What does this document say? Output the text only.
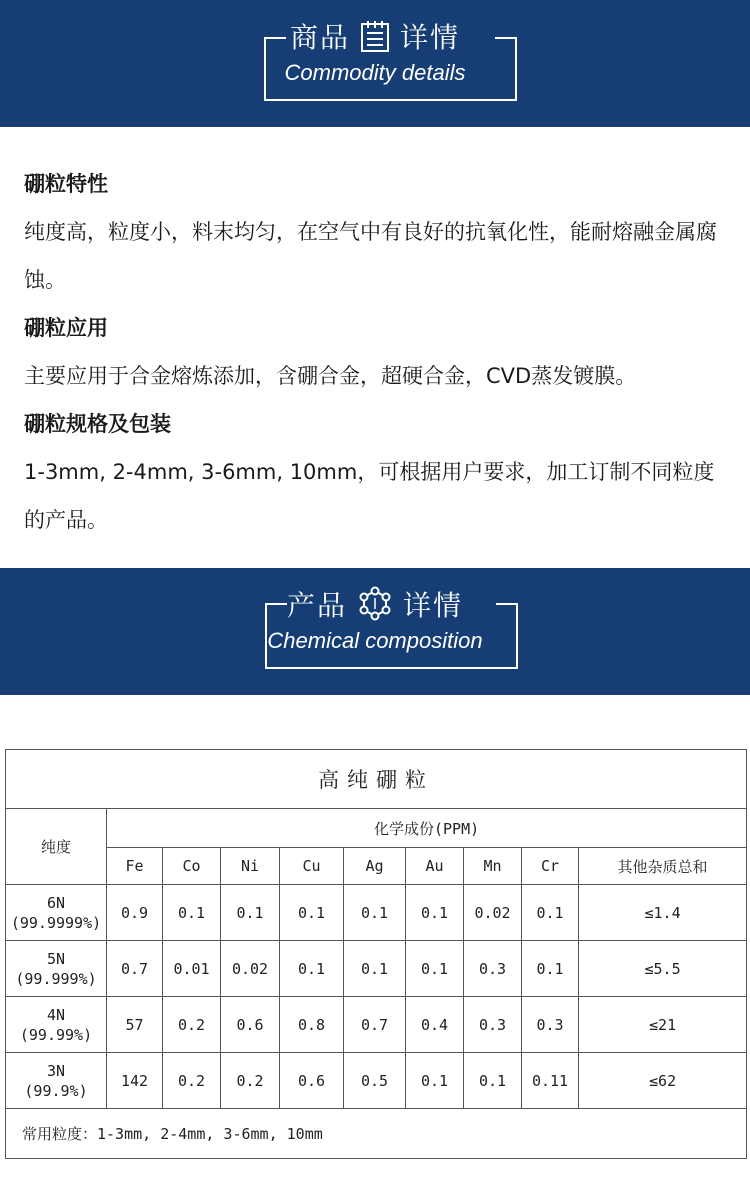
商品 详情
Commodity details

硼粒特性

纯度高，粒度小，料末均匀，在空气中有良好的抗氧化性，能耐熔融金属腐蚀。

硼粒应用

主要应用于合金熔炼添加，含硼合金，超硬合金，CVD蒸发镀膜。

硼粒规格及包装

1-3mm, 2-4mm, 3-6mm, 10mm，可根据用户要求，加工订制不同粒度的产品。

产品 详情
Chemical composition
高纯硼粒									
纯度	化学成份(PPM)								
	Fe	Co	Ni	Cu	Ag	Au	Mn	Cr	其他杂质总和

6N
(99.9999%)	0.9	0.1	0.1	0.1	0.1	0.1	0.02	0.1	≤1.4

5N
(99.999%)	0.7	0.01	0.02	0.1	0.1	0.1	0.3	0.1	≤5.5

4N
(99.99%)	57	0.2	0.6	0.8	0.7	0.4	0.3	0.3	≤21

3N
(99.9%)	142	0.2	0.2	0.6	0.5	0.1	0.1	0.11	≤62
常用粒度：1-3mm, 2-4mm, 3-6mm, 10mm									
